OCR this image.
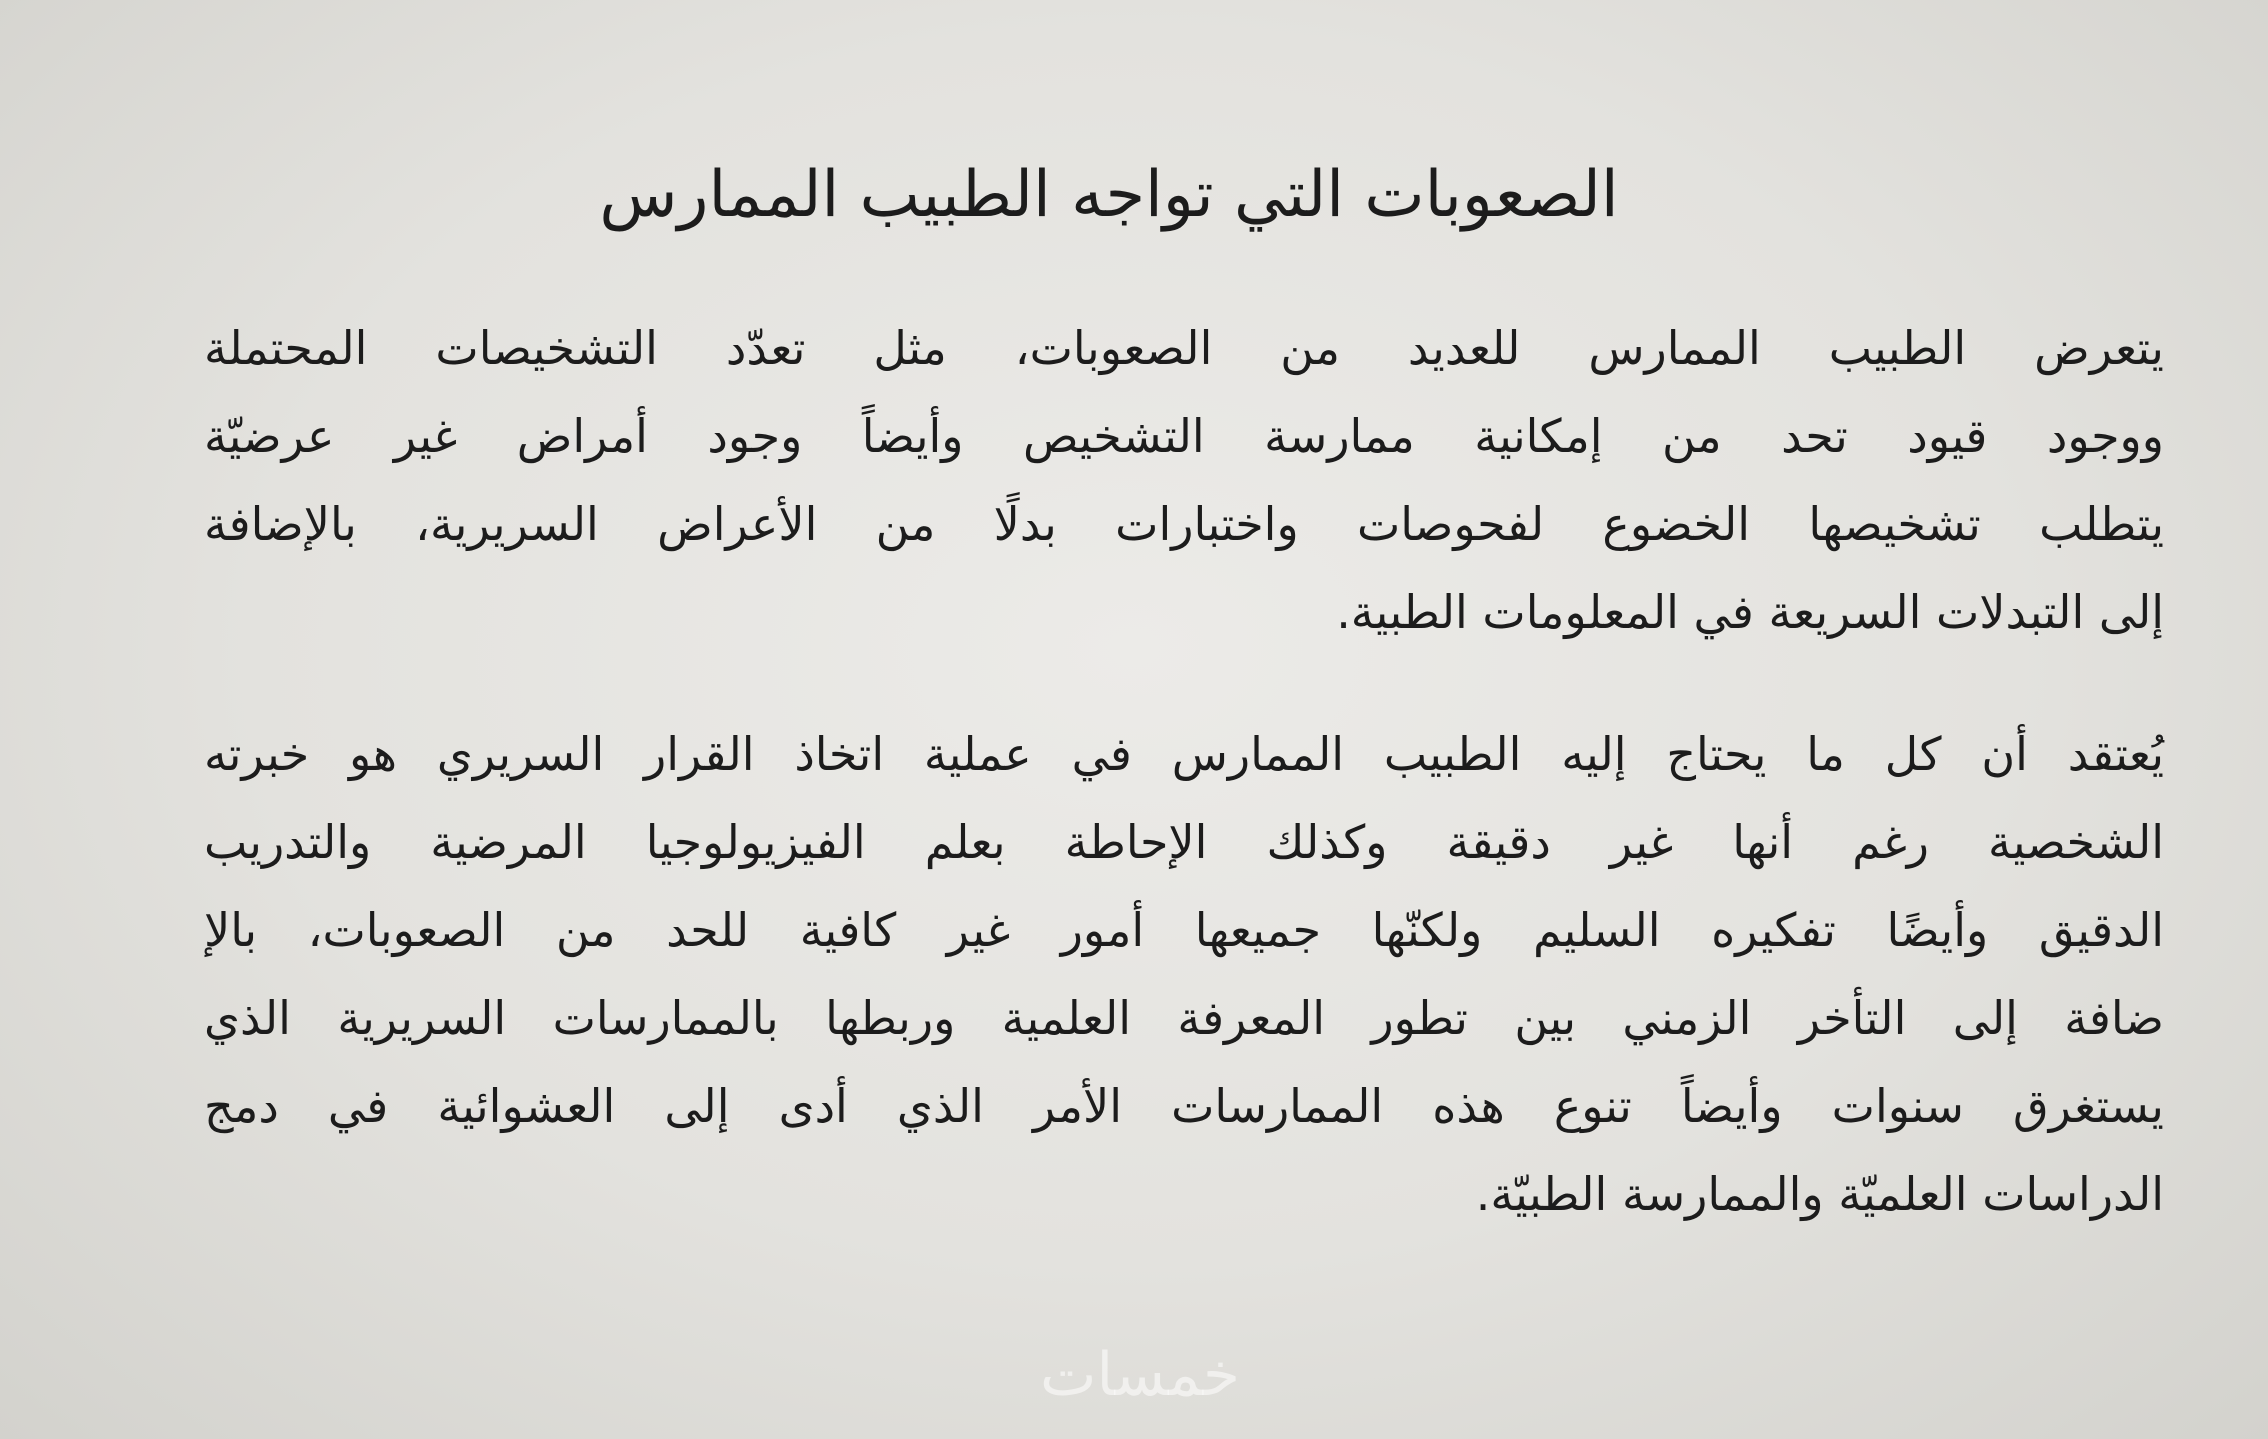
الصعوبات التي تواجه الطبيب الممارس

يتعرض الطبيب الممارس للعديد من الصعوبات، مثل تعدّد التشخيصات المحتملة
ووجود قيود تحد من إمكانية ممارسة التشخيص وأيضاً وجود أمراض غير عرضيّة
يتطلب تشخيصها الخضوع لفحوصات واختبارات بدلًا من الأعراض السريرية، بالإضافة
إلى التبدلات السريعة في المعلومات الطبية.

يُعتقد أن كل ما يحتاج إليه الطبيب الممارس في عملية اتخاذ القرار السريري هو خبرته
الشخصية رغم أنها غير دقيقة وكذلك الإحاطة بعلم الفيزيولوجيا المرضية والتدريب
الدقيق وأيضًا تفكيره السليم ولكنّها جميعها أمور غير كافية للحد من الصعوبات، بالإ
ضافة إلى التأخر الزمني بين تطور المعرفة العلمية وربطها بالممارسات السريرية الذي
يستغرق سنوات وأيضاً تنوع هذه الممارسات الأمر الذي أدى إلى العشوائية في دمج
الدراسات العلميّة والممارسة الطبيّة.

خمسات
